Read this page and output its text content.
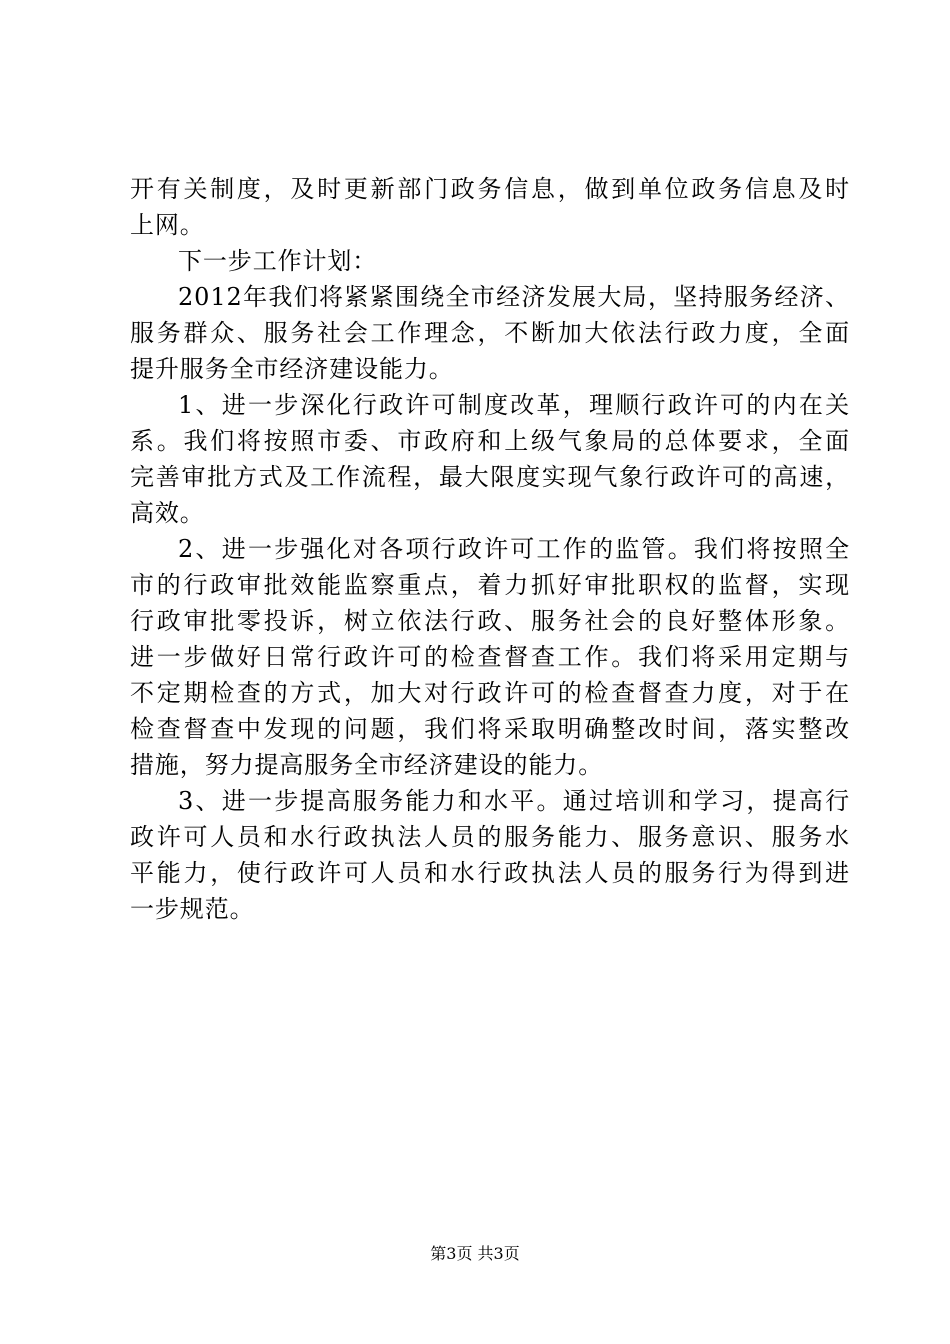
开有关制度，及时更新部门政务信息，做到单位政务信息及时
上网。
下一步工作计划：
2012年我们将紧紧围绕全市经济发展大局，坚持服务经济、
服务群众、服务社会工作理念，不断加大依法行政力度，全面
提升服务全市经济建设能力。
1、进一步深化行政许可制度改革，理顺行政许可的内在关
系。我们将按照市委、市政府和上级气象局的总体要求，全面
完善审批方式及工作流程，最大限度实现气象行政许可的高速，
高效。
2、进一步强化对各项行政许可工作的监管。我们将按照全
市的行政审批效能监察重点，着力抓好审批职权的监督，实现
行政审批零投诉，树立依法行政、服务社会的良好整体形象。
进一步做好日常行政许可的检查督查工作。我们将采用定期与
不定期检查的方式，加大对行政许可的检查督查力度，对于在
检查督查中发现的问题，我们将采取明确整改时间，落实整改
措施，努力提高服务全市经济建设的能力。
3、进一步提高服务能力和水平。通过培训和学习，提高行
政许可人员和水行政执法人员的服务能力、服务意识、服务水
平能力，使行政许可人员和水行政执法人员的服务行为得到进
一步规范。
第3页 共3页
